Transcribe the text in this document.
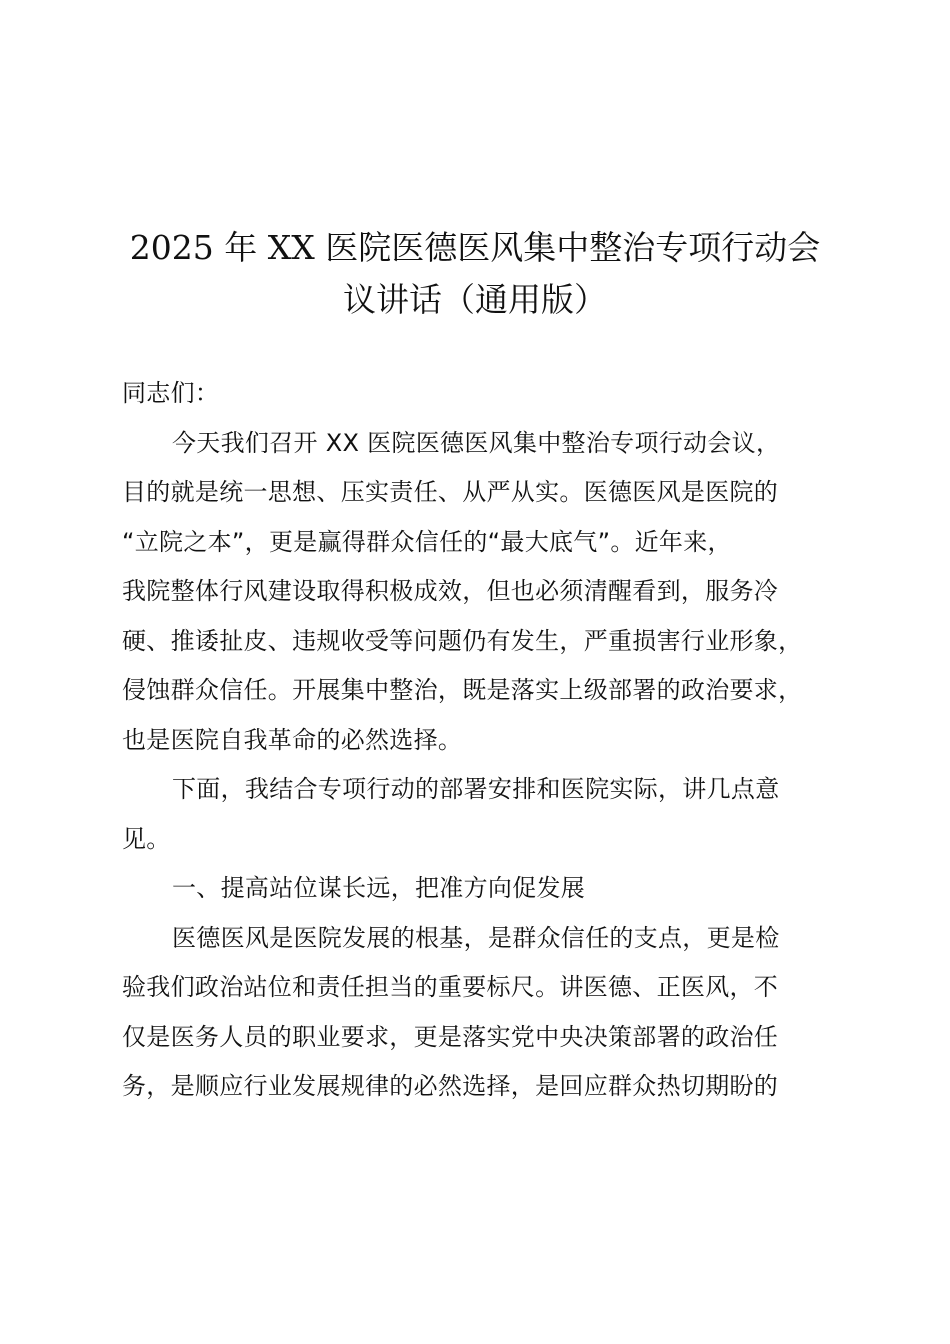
2025 年 XX 医院医德医风集中整治专项行动会
议讲话（通用版）
同志们：
今天我们召开 XX 医院医德医风集中整治专项行动会议，
目的就是统一思想、压实责任、从严从实。医德医风是医院的
“立院之本”，更是赢得群众信任的“最大底气”。近年来，
我院整体行风建设取得积极成效，但也必须清醒看到，服务冷
硬、推诿扯皮、违规收受等问题仍有发生，严重损害行业形象，
侵蚀群众信任。开展集中整治，既是落实上级部署的政治要求，
也是医院自我革命的必然选择。
下面，我结合专项行动的部署安排和医院实际，讲几点意
见。
一、提高站位谋长远，把准方向促发展
医德医风是医院发展的根基，是群众信任的支点，更是检
验我们政治站位和责任担当的重要标尺。讲医德、正医风，不
仅是医务人员的职业要求，更是落实党中央决策部署的政治任
务，是顺应行业发展规律的必然选择，是回应群众热切期盼的
